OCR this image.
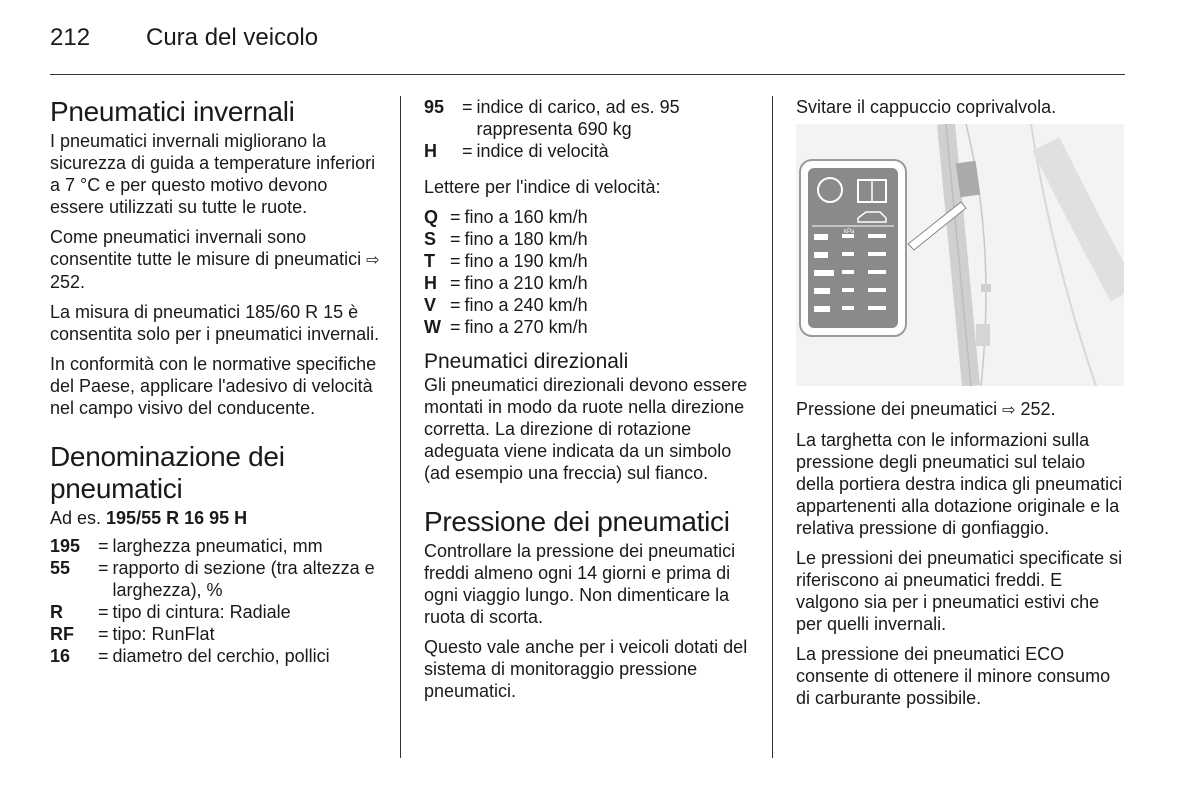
212 Cura del veicolo
Pneumatici invernali

I pneumatici invernali migliorano la sicurezza di guida a temperature inferiori a 7 °C e per questo motivo devono essere utilizzati su tutte le ruote.

Come pneumatici invernali sono consentite tutte le misure di pneumatici ⇨ 252.

La misura di pneumatici 185/60 R 15 è consentita solo per i pneumatici invernali.

In conformità con le normative specifiche del Paese, applicare l'adesivo di velocità nel campo visivo del conducente.

Denominazione dei pneumatici

Ad es. 195/55 R 16 95 H

195 = larghezza pneumatici, mm
55	= rapporto di sezione (tra altezza e larghezza), %
R	= tipo di cintura: Radiale
RF	= tipo: RunFlat
16	= diametro del cerchio, pollici
95 = indice di carico, ad es. 95 rappresenta 690 kg
H	= indice di velocità

Lettere per l'indice di velocità:

Q = fino a 160 km/h
S = fino a 180 km/h
T = fino a 190 km/h
H = fino a 210 km/h
V = fino a 240 km/h
W = fino a 270 km/h
Pneumatici direzionali

Gli pneumatici direzionali devono essere montati in modo da ruote nella direzione corretta. La direzione di rotazione adeguata viene indicata da un simbolo (ad esempio una freccia) sul fianco.

Pressione dei pneumatici

Controllare la pressione dei pneumatici freddi almeno ogni 14 giorni e prima di ogni viaggio lungo. Non dimenticare la ruota di scorta.

Questo vale anche per i veicoli dotati del sistema di monitoraggio pressione pneumatici.

Svitare il cappuccio coprivalvola.

kPa

Pressione dei pneumatici ⇨ 252.

La targhetta con le informazioni sulla pressione degli pneumatici sul telaio della portiera destra indica gli pneumatici appartenenti alla dotazione originale e la relativa pressione di gonfiaggio.

Le pressioni dei pneumatici specificate si riferiscono ai pneumatici freddi. E valgono sia per i pneumatici estivi che per quelli invernali.

La pressione dei pneumatici ECO consente di ottenere il minore consumo di carburante possibile.
